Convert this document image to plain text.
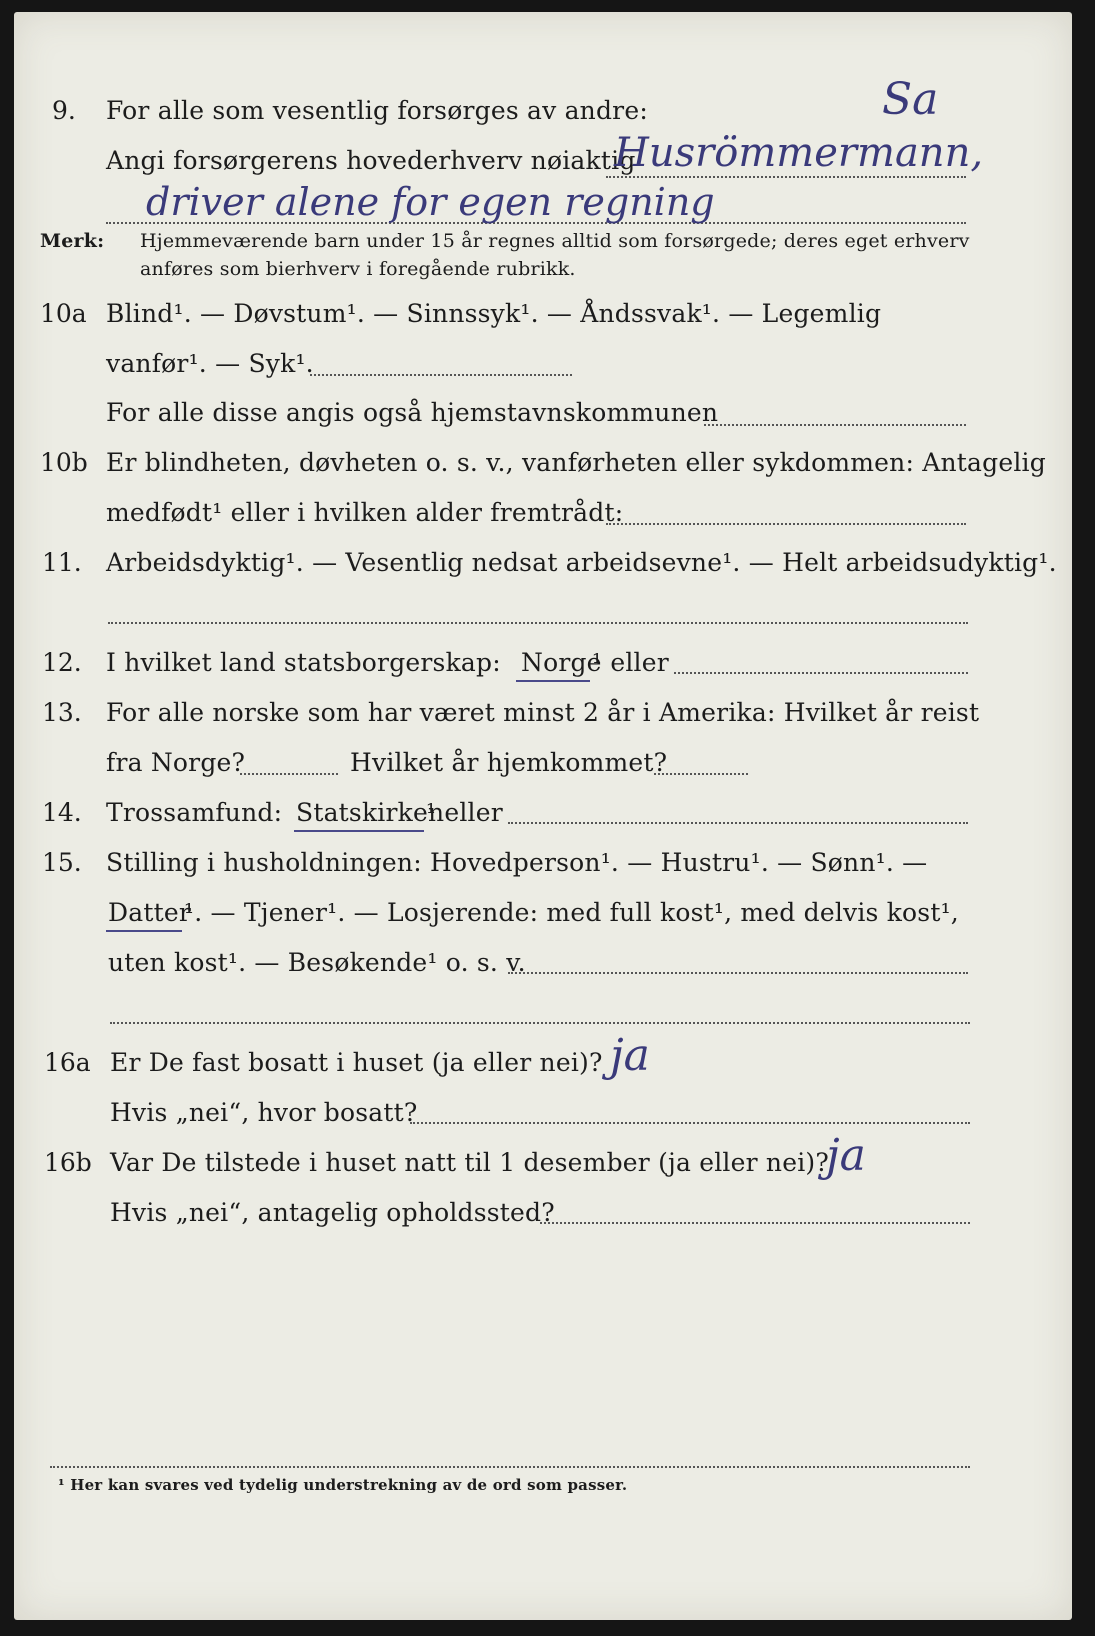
Sa
9. For alle som vesentlig forsørges av andre:
Angi forsørgerens hovederhverv nøiaktig
Husrömmermann,
driver alene for egen regning
Merk: Hjemmeværende barn under 15 år regnes alltid som forsørgede; deres eget erhverv
anføres som bierhverv i foregående rubrikk.
10a Blind¹. — Døvstum¹. — Sinnssyk¹. — Åndssvak¹. — Legemlig
vanfør¹. — Syk¹.
For alle disse angis også hjemstavnskommunen
10b Er blindheten, døvheten o. s. v., vanførheten eller sykdommen: Antagelig
medfødt¹ eller i hvilken alder fremtrådt:
11. Arbeidsdyktig¹. — Vesentlig nedsat arbeidsevne¹. — Helt arbeidsudyktig¹.
12. I hvilket land statsborgerskap: Norge
¹ eller
13. For alle norske som har været minst 2 år i Amerika: Hvilket år reist
fra Norge?	Hvilket år hjemkommet?
14. Trossamfund: Statskirken
¹ eller
15. Stilling i husholdningen: Hovedperson¹. — Hustru¹. — Sønn¹. —
Datter
¹. — Tjener¹. — Losjerende: med full kost¹, med delvis kost¹,
uten kost¹. — Besøkende¹ o. s. v.
16a Er De fast bosatt i huset (ja eller nei)? ja
Hvis „nei“, hvor bosatt?
16b Var De tilstede i huset natt til 1 desember (ja eller nei)?
ja
Hvis „nei“, antagelig opholdssted?
¹ Her kan svares ved tydelig understrekning av de ord som passer.
